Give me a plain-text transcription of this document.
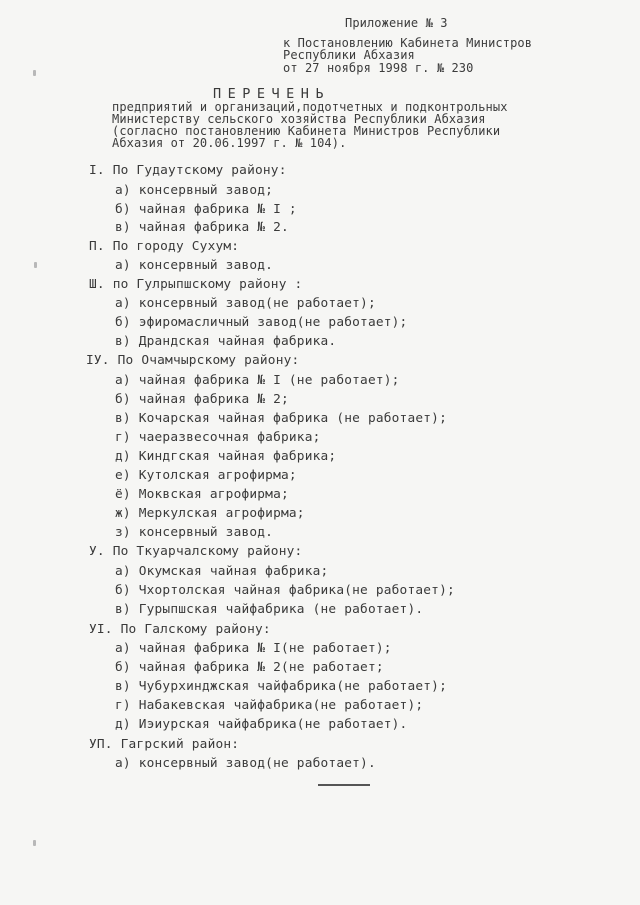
Приложение № 3
к Постановлению Кабинета Министров
Республики Абхазия
от 27 ноября 1998 г. № 230
ПЕРЕЧЕНЬ
предприятий и организаций,подотчетных и подконтрольных
Министерству сельского хозяйства Республики Абхазия
(согласно постановлению Кабинета Министров Республики
Абхазия от 20.06.1997 г. № 104).
I. По Гудаутскому району:
а) консервный завод;
б) чайная фабрика № I ;
в) чайная фабрика № 2.
П. По городу Сухум:
а) консервный завод.
Ш. по Гулрыпшскому району :
а) консервный завод(не работает);
б) эфиромасличный завод(не работает);
в) Драндская чайная фабрика.
IУ. По Очамчырскому району:
а) чайная фабрика № I (не работает);
б) чайная фабрика № 2;
в) Кочарская чайная фабрика (не работает);
г) чаеразвесочная фабрика;
д) Киндгская чайная фабрика;
е) Кутолская агрофирма;
ё) Моквская агрофирма;
ж) Меркулская агрофирма;
з) консервный завод.
У. По Ткуарчалскому району:
а) Окумская чайная фабрика;
б) Чхортолская чайная фабрика(не работает);
в) Гурыпшская чайфабрика (не работает).
УI. По Галскому району:
а) чайная фабрика № I(не работает);
б) чайная фабрика № 2(не работает;
в) Чубурхинджская чайфабрика(не работает);
г) Набакевская чайфабрика(не работает);
д) Иэиурская чайфабрика(не работает).
УП. Гагрский район:
а) консервный завод(не работает).
